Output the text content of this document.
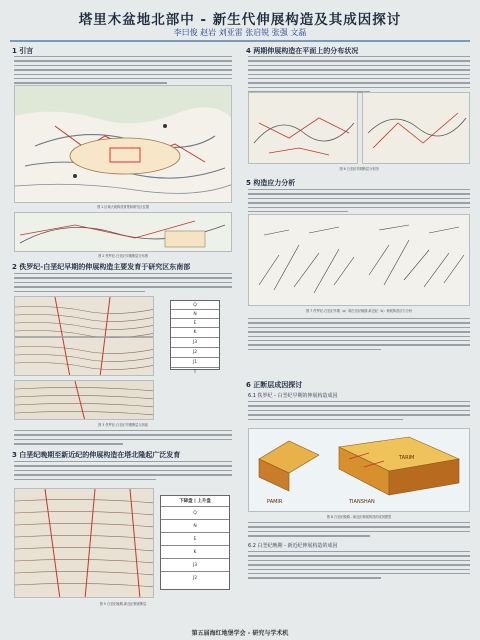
塔里木盆地北部中 - 新生代伸展构造及其成因探讨
李曰俊 赵岩 刘亚雷 张启锐 张强 文磊
1 引言
图 1 区域大地构造背景和研究区位置
图 2 佚罗纪-白垩纪早期断层分布图
2 佚罗纪-白垩纪早期的伸展构造主要发育于研究区东南部
Q
N
E
K
J3
J2
J1
T
图 3 佚罗纪-白垩纪早期断层与剖面
3 白垩纪晚期至新近纪的伸展构造在塔北隆起广泛发育
下降盘 | 上升盘
Q
N
E
K
J3
J2
图 5 白垩纪晚期-新近纪伸展断层
4 两期伸展构造在平面上的分布状况
图 6 白垩纪早期断层分布图
5 构造应力分析
图 7 佚罗纪-白垩纪早期（a）和白垩纪晚期-新近纪（b）伸展构造应力分析
6 正断层成因探讨
6.1 佚罗纪 - 白垩纪早期的伸展构造成因
TARIM
TIANSHAN
PAMIR
图 8 白垩纪晚期 - 新近纪伸展构造的成因模型
6.2 白垩纪晚期 - 新近纪伸展构造的成因
第五届海红地堡学会 - 研究与学术机
